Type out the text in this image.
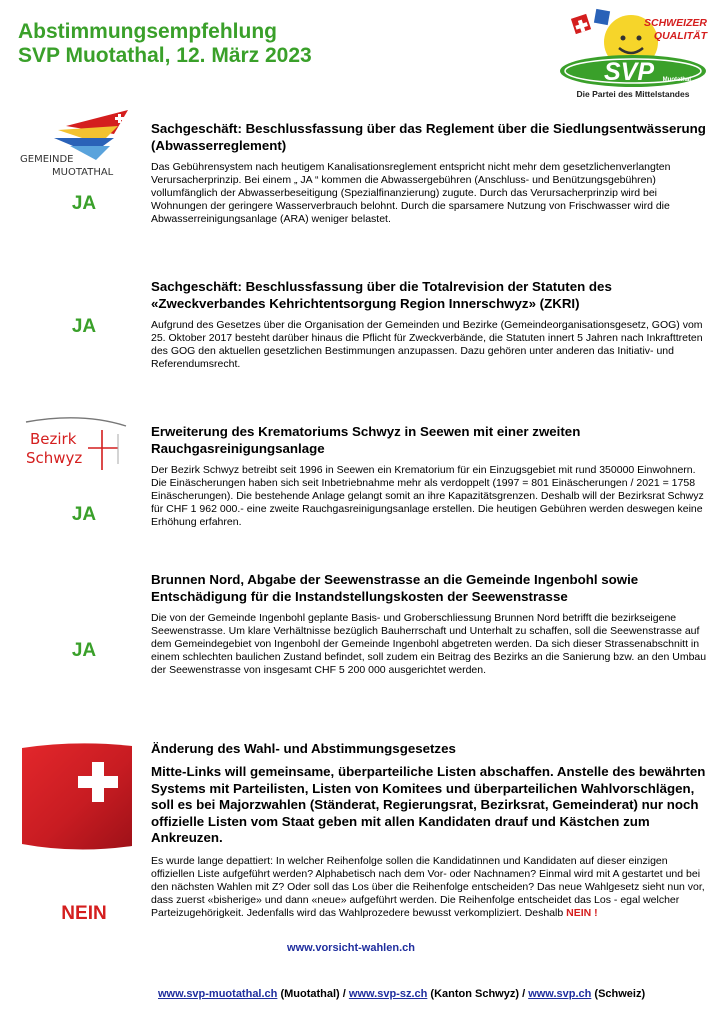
Abstimmungsempfehlung
SVP Muotathal, 12. März 2023
SCHWEIZER
QUALITÄT
SVP Muotathal
Die Partei des Mittelstandes
GEMEINDE
MUOTATHAL
Bezirk
Schwyz
JA
JA
JA
JA
NEIN
Sachgeschäft: Beschlussfassung über das Reglement über die Siedlungsentwässerung (Abwasserreglement)

Das Gebührensystem nach heutigem Kanalisationsreglement entspricht nicht mehr dem gesetzlichenverlangten Verursacherprinzip. Bei einem „ JA “ kommen die Abwassergebühren (Anschluss- und Benützungsgebühren) vollumfänglich der Abwasserbeseitigung (Spezialfinanzierung) zugute. Durch das Verursacherprinzip wird bei Wohnungen der geringere Wasserverbrauch belohnt. Durch die sparsamere Nutzung von Frischwasser wird die Abwasserreinigungsanlage (ARA) weniger belastet.

Sachgeschäft: Beschlussfassung über die Totalrevision der Statuten des «Zweckverbandes Kehrichtentsorgung Region Innerschwyz» (ZKRI)

Aufgrund des Gesetzes über die Organisation der Gemeinden und Bezirke (Gemeindeorganisationsgesetz, GOG) vom 25. Oktober 2017 besteht darüber hinaus die Pflicht für Zweckverbände, die Statuten innert 5 Jahren nach Inkrafttreten des GOG den aktuellen gesetzlichen Bestimmungen anzupassen. Dazu gehören unter anderen das Initiativ- und Referendumsrecht.

Erweiterung des Krematoriums Schwyz in Seewen mit einer zweiten Rauchgasreinigungsanlage

Der Bezirk Schwyz betreibt seit 1996 in Seewen ein Krematorium für ein Einzugsgebiet mit rund 350000 Einwohnern. Die Einäscherungen haben sich seit Inbetriebnahme mehr als verdoppelt (1997 = 801 Einäscherungen / 2021 = 1758 Einäscherungen). Die bestehende Anlage gelangt somit an ihre Kapazitätsgrenzen. Deshalb will der Bezirksrat Schwyz für CHF 1 962 000.- eine zweite Rauchgasreinigungsanlage erstellen. Die heutigen Gebühren werden deswegen keine Erhöhung erfahren.

Brunnen Nord, Abgabe der Seewenstrasse an die Gemeinde Ingenbohl sowie Entschädigung für die Instandstellungskosten der Seewenstrasse

Die von der Gemeinde Ingenbohl geplante Basis- und Groberschliessung Brunnen Nord betrifft die bezirkseigene Seewenstrasse. Um klare Verhältnisse bezüglich Bauherrschaft und Unterhalt zu schaffen, soll die Seewenstrasse auf dem Gemeindegebiet von Ingenbohl der Gemeinde Ingenbohl abgetreten werden. Da sich dieser Strassenabschnitt in einem schlechten baulichen Zustand befindet, soll zudem ein Beitrag des Bezirks an die Sanierung bzw. an den Umbau der Seewenstrasse von insgesamt CHF 5 200 000 ausgerichtet werden.

Änderung des Wahl- und Abstimmungsgesetzes

Mitte-Links will gemeinsame, überparteiliche Listen abschaffen. Anstelle des bewährten Systems mit Parteilisten, Listen von Komitees und überparteilichen Wahlvorschlägen, soll es bei Majorzwahlen (Ständerat, Regierungsrat, Bezirksrat, Gemeinderat) nur noch offizielle Listen vom Staat geben mit allen Kandidaten drauf und Kästchen zum Ankreuzen.

Es wurde lange depattiert: In welcher Reihenfolge sollen die Kandidatinnen und Kandidaten auf dieser einzigen offiziellen Liste aufgeführt werden? Alphabetisch nach dem Vor- oder Nachnamen? Einmal wird mit A gestartet und bei den nächsten Wahlen mit Z? Oder soll das Los über die Reihenfolge entscheiden? Das neue Wahlgesetz sieht nun vor, dass zuerst «bisherige» und dann «neue» aufgeführt werden. Die Reihenfolge entscheidet das Los - egal welcher Parteizugehörigkeit. Jedenfalls wird das Wahlprozedere bewusst verkompliziert. Deshalb NEIN !

www.vorsicht-wahlen.ch
www.svp-muotathal.ch (Muotathal) / www.svp-sz.ch (Kanton Schwyz) / www.svp.ch (Schweiz)
